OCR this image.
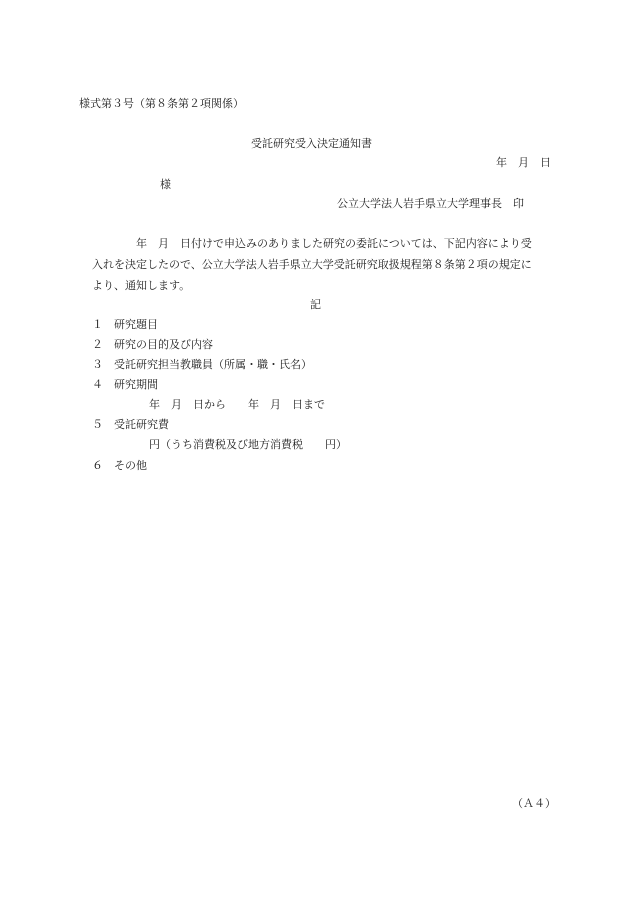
様式第３号（第８条第２項関係）
受託研究受入決定通知書
年　月　日
様
公立大学法人岩手県立大学理事長　印
年　月　日付けで申込みのありました研究の委託については、下記内容により受
入れを決定したので、公立大学法人岩手県立大学受託研究取扱規程第８条第２項の規定に
より、通知します。
記
１ 研究題目
２ 研究の目的及び内容
３ 受託研究担当教職員（所属・職・氏名）
４ 研究期間
年　月　日から　　年　月　日まで
５ 受託研究費
円（うち消費税及び地方消費税　　円）
６ その他
（Ａ４）
